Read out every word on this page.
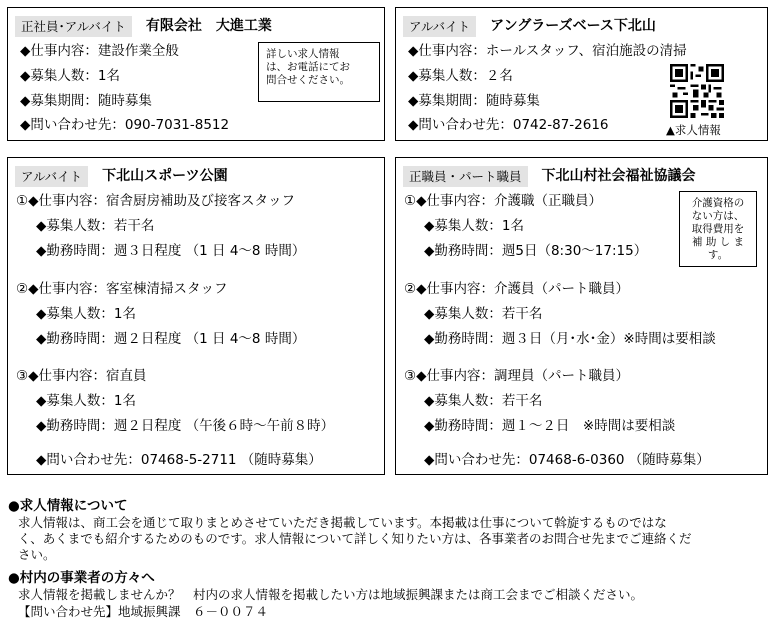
正社員･アルバイト	有限会社　大進工業
◆仕事内容：建設作業全般
◆募集人数：1名
◆募集期間：随時募集
◆問い合わせ先：090-7031-8512
詳しい求人情報
は、お電話にてお
問合せください。
アルバイト	アングラーズベース下北山
◆仕事内容：ホールスタッフ、宿泊施設の清掃
◆募集人数：２名
◆募集期間：随時募集
◆問い合わせ先：0742-87-2616	▲求人情報
アルバイト	下北山スポーツ公園
①◆仕事内容：宿舎厨房補助及び接客スタッフ
◆募集人数：若干名
◆勤務時間：週３日程度 （1 日 4～8 時間）
②◆仕事内容：客室棟清掃スタッフ
◆募集人数：1名
◆勤務時間：週２日程度 （1 日 4～8 時間）
③◆仕事内容：宿直員
◆募集人数：1名
◆勤務時間：週２日程度 （午後６時～午前８時）
◆問い合わせ先：07468-5-2711 （随時募集）
正職員・パート職員	下北山村社会福祉協議会
①◆仕事内容：介護職（正職員）
◆募集人数：1名
◆勤務時間：週5日（8:30～17:15）
②◆仕事内容：介護員（パート職員）
◆募集人数：若干名
◆勤務時間：週３日（月･水･金）※時間は要相談
③◆仕事内容：調理員（パート職員）
◆募集人数：若干名
◆勤務時間：週１～２日　※時間は要相談
◆問い合わせ先：07468-6-0360 （随時募集）
介護資格の
ない方は、
取得費用を
補 助 し ま
す。
●求人情報について
求人情報は、商工会を通じて取りまとめさせていただき掲載しています。本掲載は仕事について斡旋するものではな
く、あくまでも紹介するためのものです。求人情報について詳しく知りたい方は、各事業者のお問合せ先までご連絡くだ
さい。
●村内の事業者の方々へ
求人情報を掲載しませんか？　村内の求人情報を掲載したい方は地域振興課または商工会までご相談ください。
【問い合わせ先】地域振興課　６－００７４
